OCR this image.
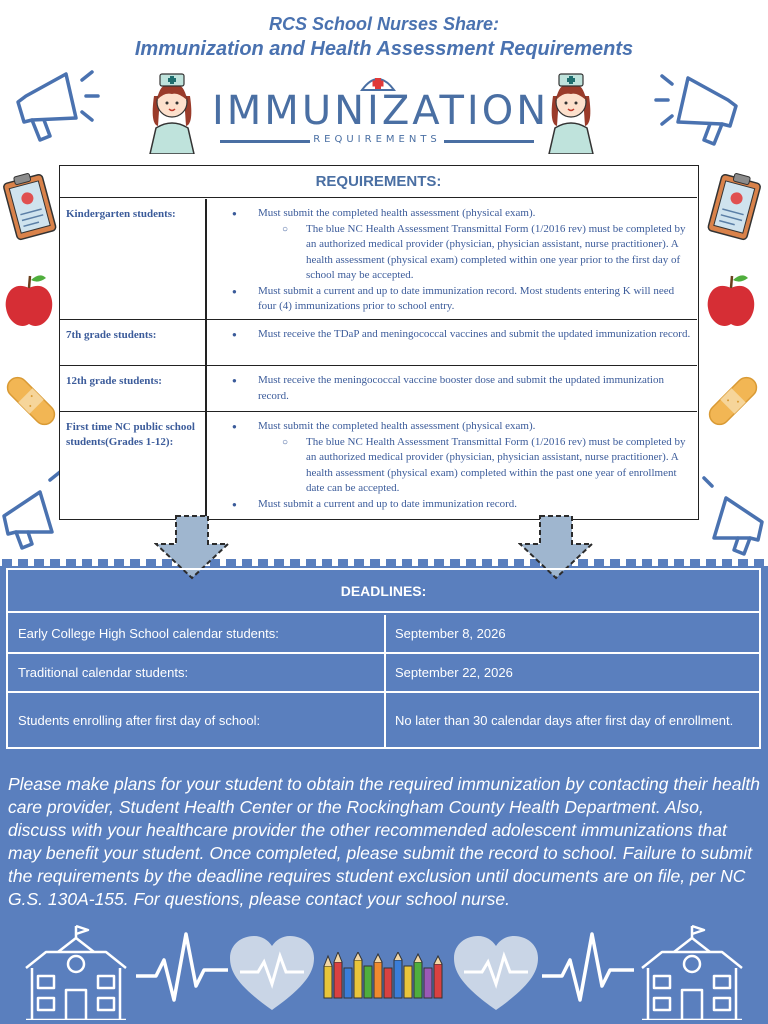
RCS School Nurses Share:
Immunization and Health Assessment Requirements
IMMUNIZATION
REQUIREMENTS
REQUIREMENTS:
Kindergarten students:	● Must submit the completed health assessment (physical exam).
○ The blue NC Health Assessment Transmittal Form (1/2016 rev) must be completed by an authorized medical provider (physician, physician assistant, nurse practitioner). A health assessment (physical exam) completed within one year prior to the first day of school may be accepted.
● Must submit a current and up to date immunization record. Most students entering K will need four (4) immunizations prior to school entry.
7th grade students:	● Must receive the TDaP and meningococcal vaccines and submit the updated immunization record.
12th grade students:	● Must receive the meningococcal vaccine booster dose and submit the updated immunization record.
First time NC public school students(Grades 1-12):
● Must submit the completed health assessment (physical exam).
○ The blue NC Health Assessment Transmittal Form (1/2016 rev) must be completed by an authorized medical provider (physician, physician assistant, nurse practitioner). A health assessment (physical exam) completed within the past one year of enrollment date can be accepted.
● Must submit a current and up to date immunization record.
DEADLINES:
Early College High School calendar students:	September 8, 2026
Traditional calendar students:	September 22, 2026
Students enrolling after first day of school:	No later than 30 calendar days after first day of enrollment.
Please make plans for your student to obtain the required immunization by contacting their health care provider, Student Health Center or the Rockingham County Health Department. Also, discuss with your healthcare provider the other recommended adolescent immunizations that may benefit your student. Once completed, please submit the record to school. Failure to submit the requirements by the deadline requires student exclusion until documents are on file, per NC G.S. 130A-155. For questions, please contact your school nurse.
